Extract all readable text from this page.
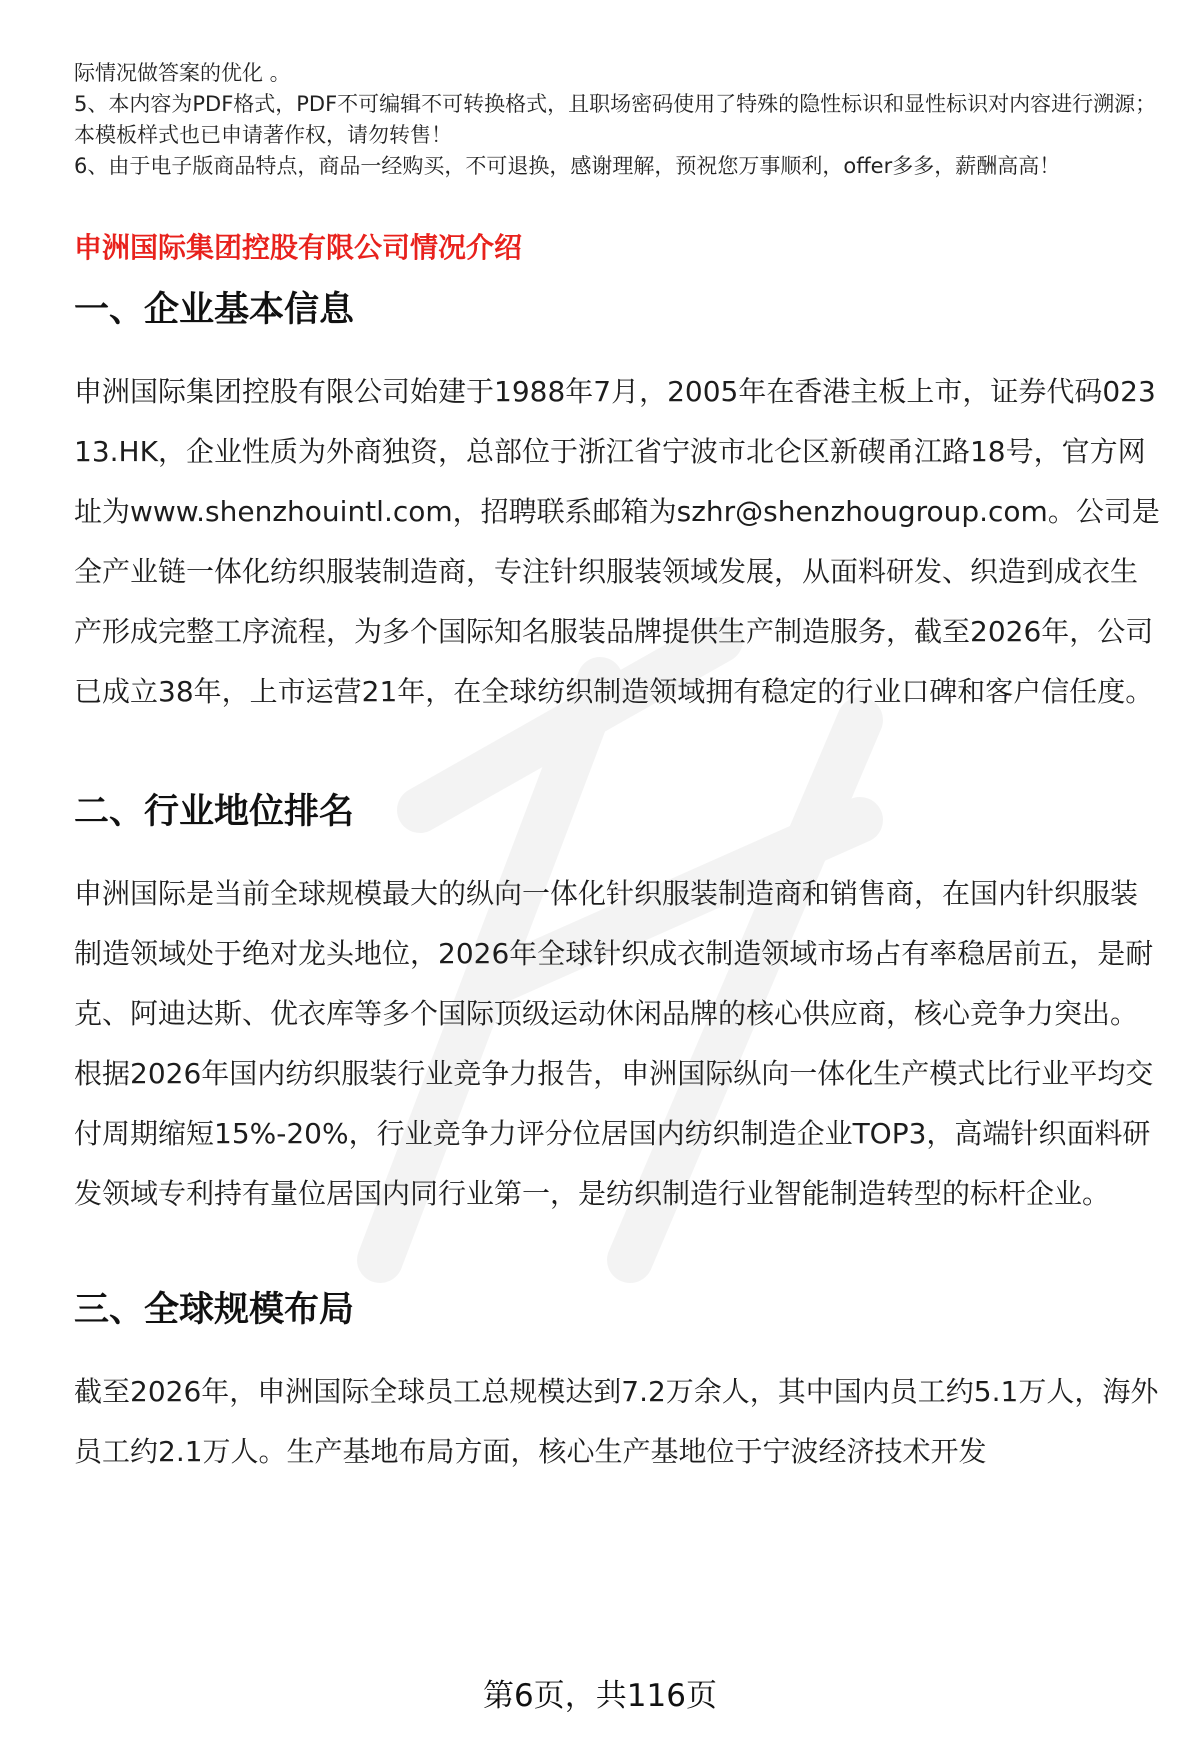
际情况做答案的优化 。

5、本内容为PDF格式，PDF不可编辑不可转换格式，且职场密码使用了特殊的隐性标识和显性标识对内容进行溯源；本模板样式也已申请著作权，请勿转售！

6、由于电子版商品特点，商品一经购买，不可退换，感谢理解，预祝您万事顺利，offer多多，薪酬高高！

申洲国际集团控股有限公司情况介绍
一、企业基本信息

申洲国际集团控股有限公司始建于1988年7月，2005年在香港主板上市，证券代码02313.HK，企业性质为外商独资，总部位于浙江省宁波市北仑区新碶甬江路18号，官方网址为www.shenzhouintl.com，招聘联系邮箱为szhr@shenzhougroup.com。公司是全产业链一体化纺织服装制造商，专注针织服装领域发展，从面料研发、织造到成衣生产形成完整工序流程，为多个国际知名服装品牌提供生产制造服务，截至2026年，公司已成立38年，上市运营21年，在全球纺织制造领域拥有稳定的行业口碑和客户信任度。

二、行业地位排名

申洲国际是当前全球规模最大的纵向一体化针织服装制造商和销售商，在国内针织服装制造领域处于绝对龙头地位，2026年全球针织成衣制造领域市场占有率稳居前五，是耐克、阿迪达斯、优衣库等多个国际顶级运动休闲品牌的核心供应商，核心竞争力突出。根据2026年国内纺织服装行业竞争力报告，申洲国际纵向一体化生产模式比行业平均交付周期缩短15%-20%，行业竞争力评分位居国内纺织制造企业TOP3，高端针织面料研发领域专利持有量位居国内同行业第一，是纺织制造行业智能制造转型的标杆企业。

三、全球规模布局

截至2026年，申洲国际全球员工总规模达到7.2万余人，其中国内员工约5.1万人，海外员工约2.1万人。生产基地布局方面，核心生产基地位于宁波经济技术开发

第6页，共116页
